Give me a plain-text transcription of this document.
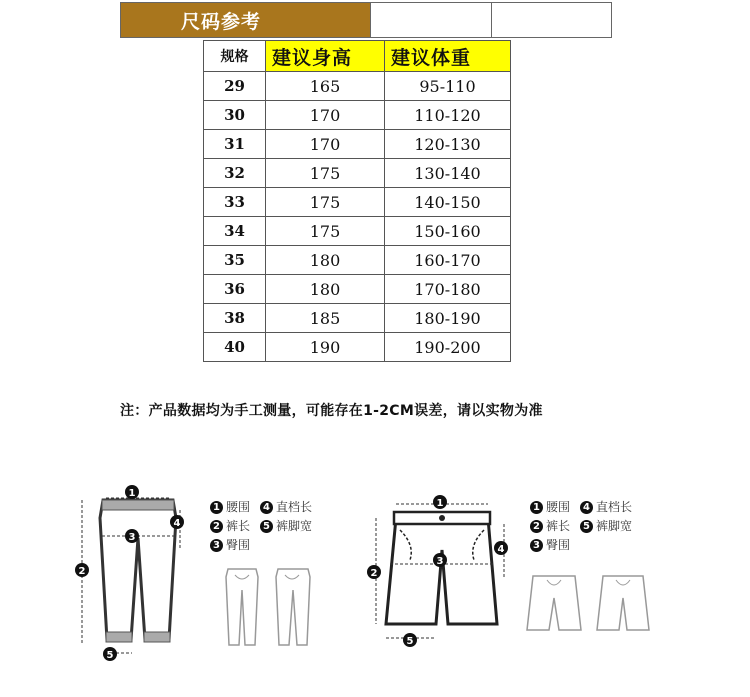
尺码参考
规格	建议身高	建议体重
29	165	95-110
30	170	110-120
31	170	120-130
32	175	130-140
33	175	140-150
34	175	150-160
35	180	160-170
36	180	170-180
38	185	180-190
40	190	190-200
注：产品数据均为手工测量，可能存在1-2CM误差，请以实物为准
1
3
4
2
5
1 腰围	4 直档长
2 裤长	5 裤脚宽
3 臀围
1
3
4
2
5
1 腰围	4 直档长
2 裤长	5 裤脚宽
3 臀围
